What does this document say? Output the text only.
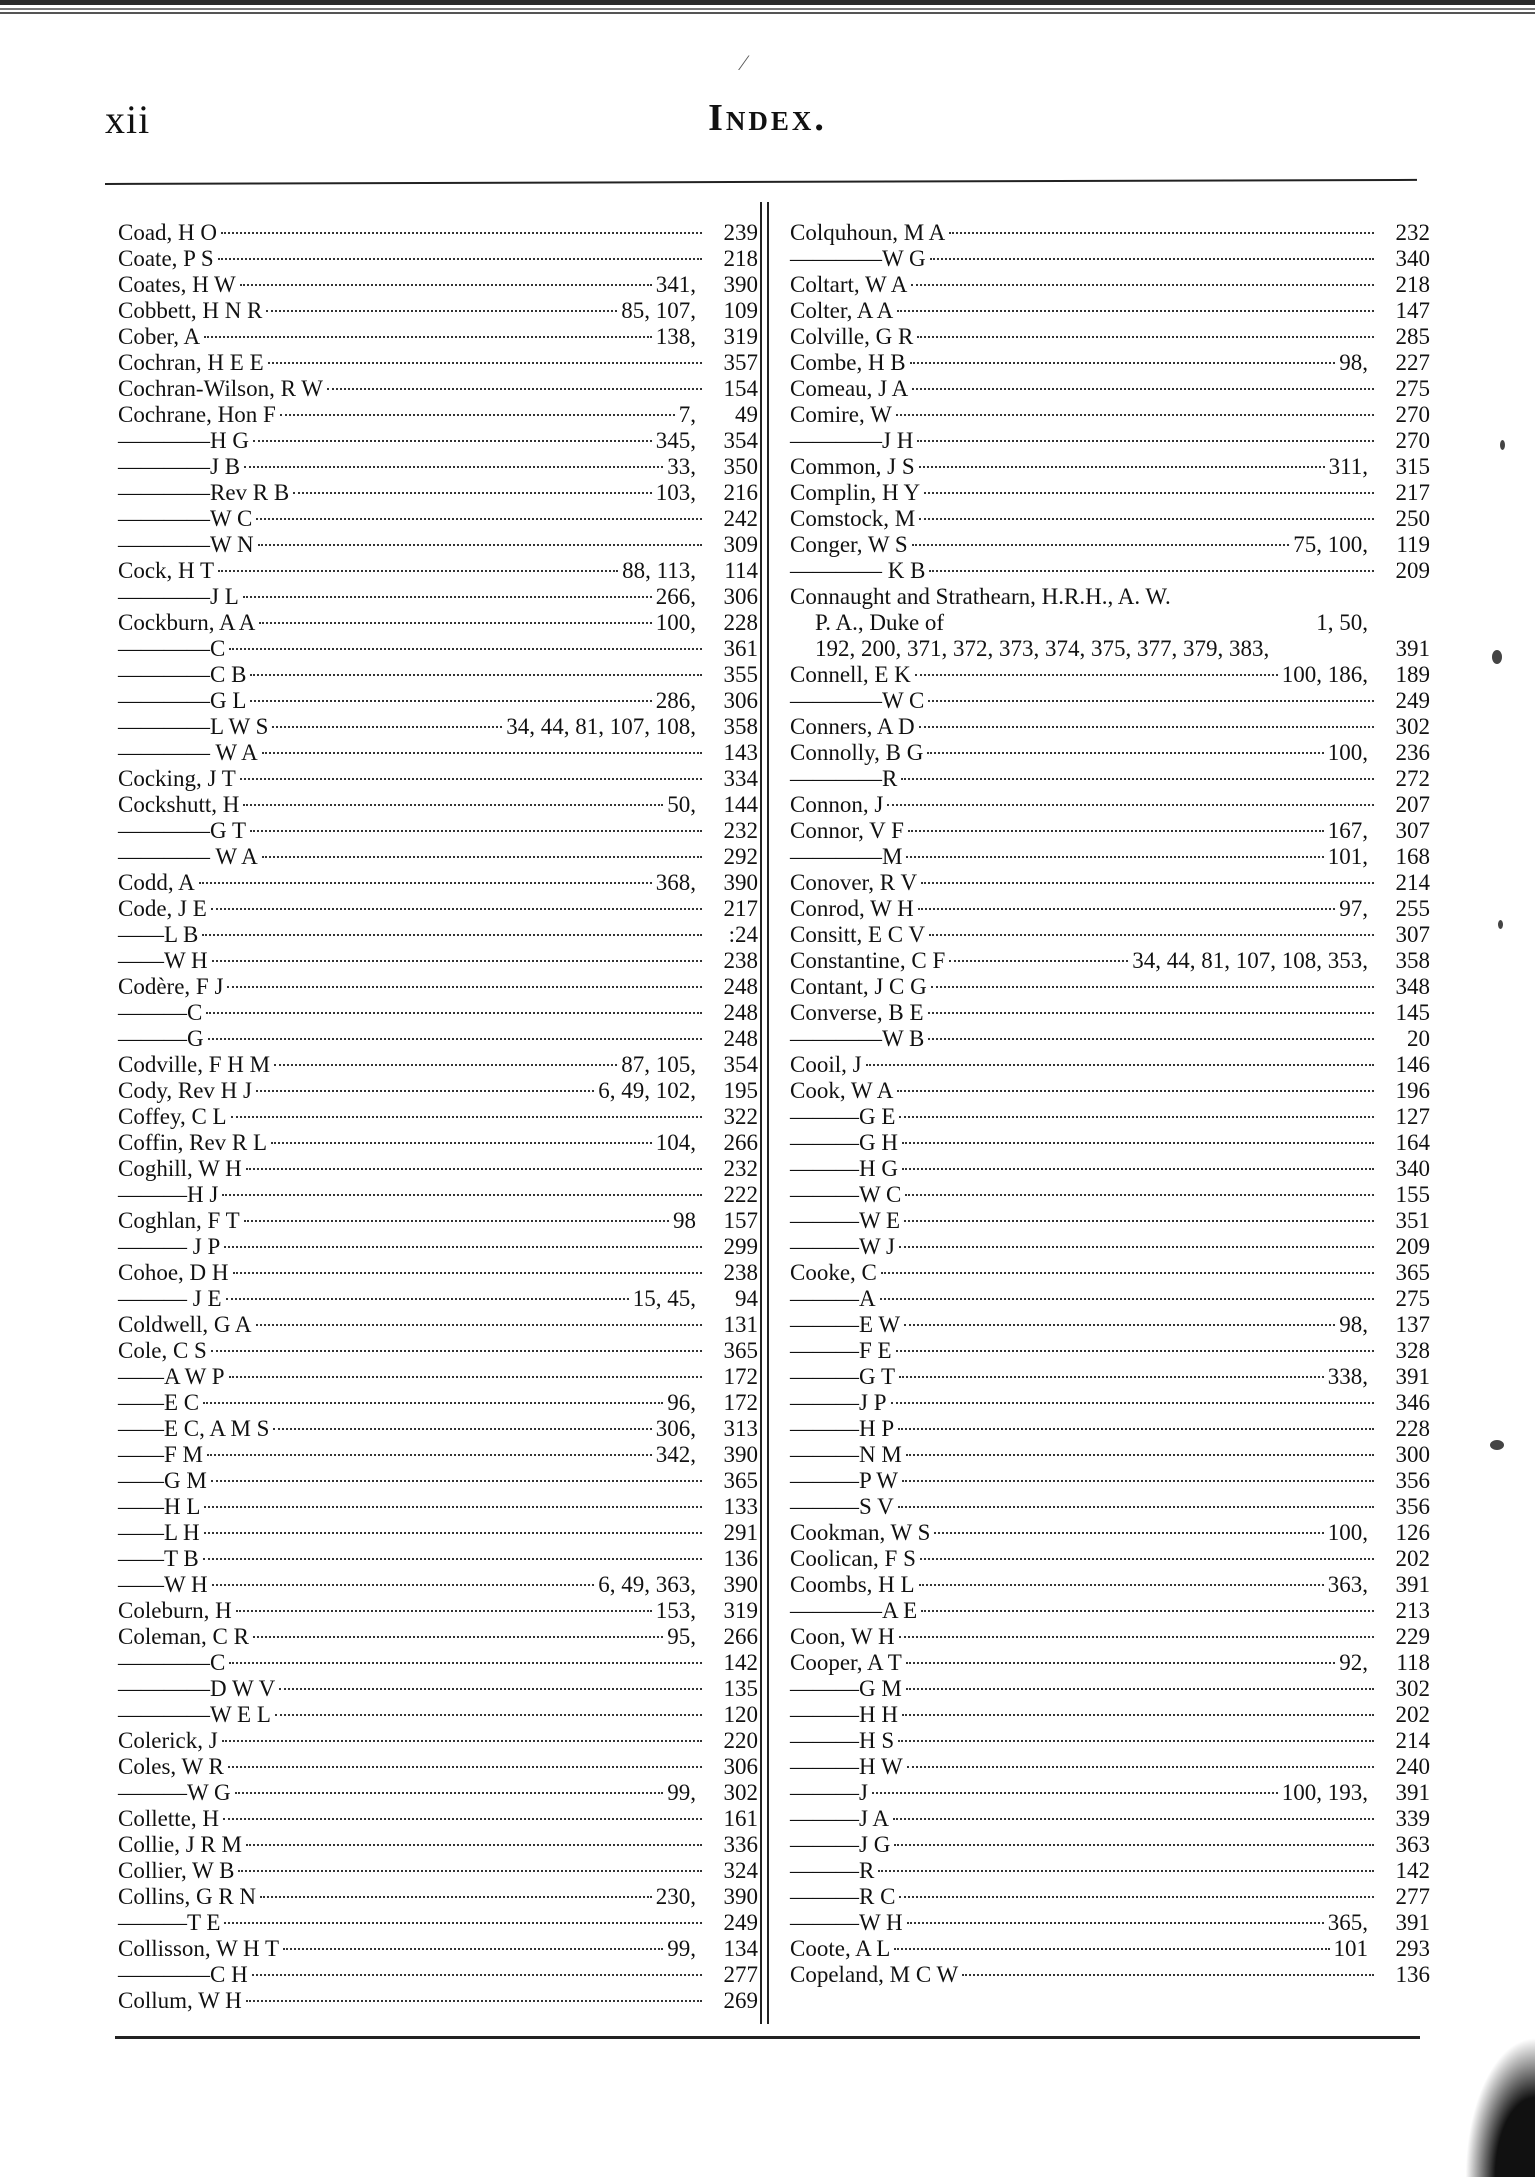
⁄
xii	Index.
Coad, H O	239
Coate, P S	218
Coates, H W	341,	390
Cobbett, H N R	85, 107,	109
Cober, A	138,	319
Cochran, H E E	357
Cochran-Wilson, R W	154
Cochrane, Hon F	7,	49
————H G	345,	354
————J B	33,	350
————Rev R B	103,	216
————W C	242
————W N	309
Cock, H T	88, 113,	114
————J L	266,	306
Cockburn, A A	100,	228
————C	361
————C B	355
————G L	286,	306
————L W S	34, 44, 81, 107, 108,	358
———— W A	143
Cocking, J T	334
Cockshutt, H	50,	144
————G T	232
———— W A	292
Codd, A	368,	390
Code, J E	217
——L B	:24
——W H	238
Codère, F J	248
———C	248
———G	248
Codville, F H M	87, 105,	354
Cody, Rev H J	6, 49, 102,	195
Coffey, C L	322
Coffin, Rev R L	104,	266
Coghill, W H	232
———H J	222
Coghlan, F T	98	157
——— J P	299
Cohoe, D H	238
——— J E	15, 45,	94
Coldwell, G A	131
Cole, C S	365
——A W P	172
——E C	96,	172
——E C, A M S	306,	313
——F M	342,	390
——G M	365
——H L	133
——L H	291
——T B	136
——W H	6, 49, 363,	390
Coleburn, H	153,	319
Coleman, C R	95,	266
————C	142
————D W V	135
————W E L	120
Colerick, J	220
Coles, W R	306
———W G	99,	302
Collette, H	161
Collie, J R M	336
Collier, W B	324
Collins, G R N	230,	390
———T E	249
Collisson, W H T	99,	134
————C H	277
Collum, W H	269
Colquhoun, M A	232
————W G	340
Coltart, W A	218
Colter, A A	147
Colville, G R	285
Combe, H B	98,	227
Comeau, J A	275
Comire, W	270
————J H	270
Common, J S	311,	315
Complin, H Y	217
Comstock, M	250
Conger, W S	75, 100,	119
———— K B	209
Connaught and Strathearn, H.R.H., A. W.
P. A., Duke of	1, 50,
192, 200, 371, 372, 373, 374, 375, 377, 379, 383,	391
Connell, E K	100, 186,	189
————W C	249
Conners, A D	302
Connolly, B G	100,	236
————R	272
Connon, J	207
Connor, V F	167,	307
————M	101,	168
Conover, R V	214
Conrod, W H	97,	255
Consitt, E C V	307
Constantine, C F	34, 44, 81, 107, 108, 353,	358
Contant, J C G	348
Converse, B E	145
————W B	20
Cooil, J	146
Cook, W A	196
———G E	127
———G H	164
———H G	340
———W C	155
———W E	351
———W J	209
Cooke, C	365
———A	275
———E W	98,	137
———F E	328
———G T	338,	391
———J P	346
———H P	228
———N M	300
———P W	356
———S V	356
Cookman, W S	100,	126
Coolican, F S	202
Coombs, H L	363,	391
————A E	213
Coon, W H	229
Cooper, A T	92,	118
———G M	302
———H H	202
———H S	214
———H W	240
———J	100, 193,	391
———J A	339
———J G	363
———R	142
———R C	277
———W H	365,	391
Coote, A L	101	293
Copeland, M C W	136
